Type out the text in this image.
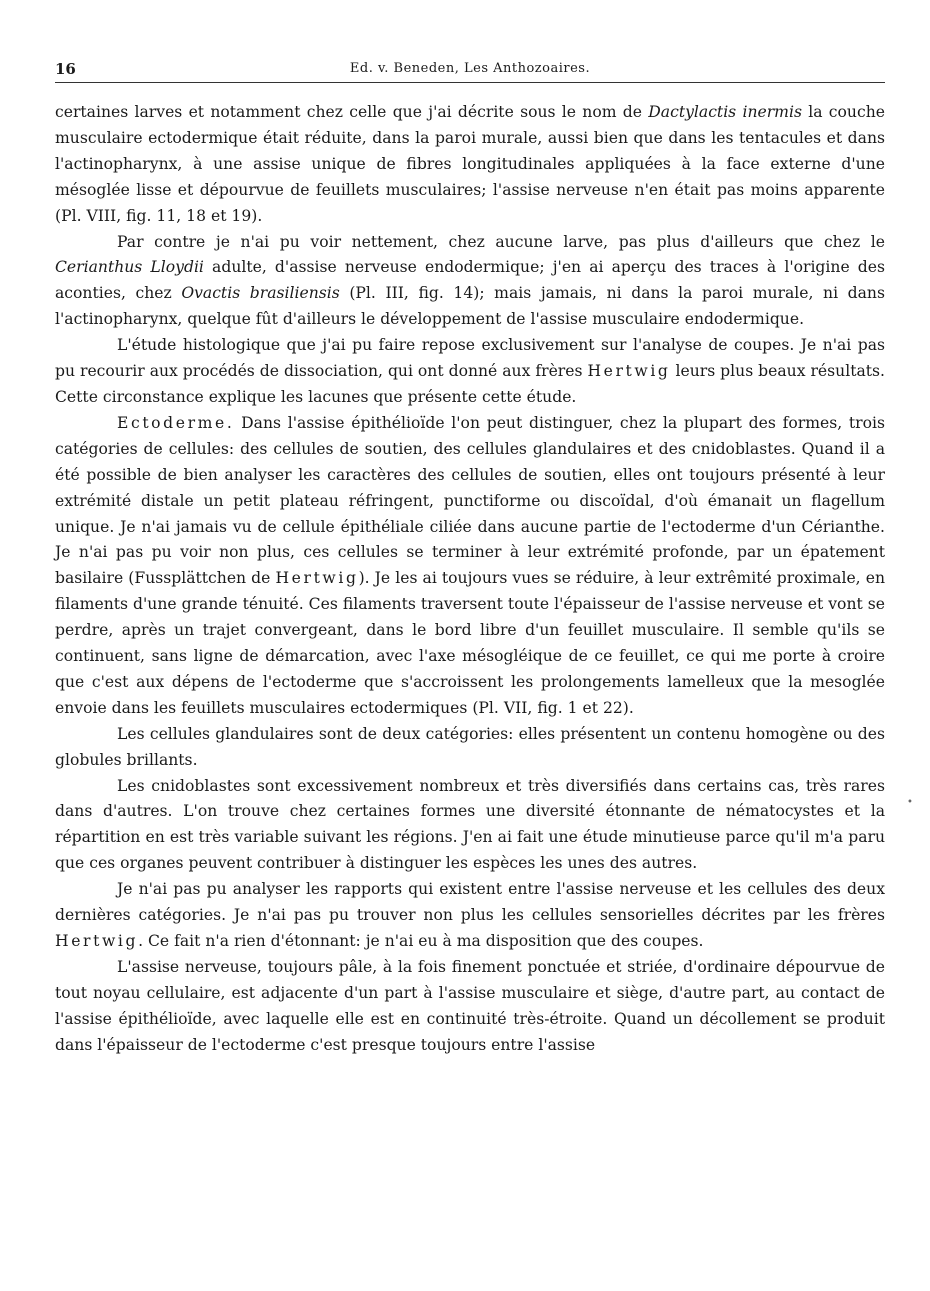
16	Ed. v. Beneden, Les Anthozoaires.

certaines larves et notamment chez celle que j'ai décrite sous le nom de Dactylactis inermis la couche musculaire ectodermique était réduite, dans la paroi murale, aussi bien que dans les tentacules et dans l'actinopharynx, à une assise unique de fibres longitudinales appliquées à la face externe d'une mésoglée lisse et dépourvue de feuillets musculaires; l'assise nerveuse n'en était pas moins apparente (Pl. VIII, fig. 11, 18 et 19).

Par contre je n'ai pu voir nettement, chez aucune larve, pas plus d'ailleurs que chez le Cerianthus Lloydii adulte, d'assise nerveuse endodermique; j'en ai aperçu des traces à l'origine des aconties, chez Ovactis brasiliensis (Pl. III, fig. 14); mais jamais, ni dans la paroi murale, ni dans l'actinopharynx, quelque fût d'ailleurs le développement de l'assise musculaire endodermique.

L'étude histologique que j'ai pu faire repose exclusivement sur l'analyse de coupes. Je n'ai pas pu recourir aux procédés de dissociation, qui ont donné aux frères Hertwig leurs plus beaux résultats. Cette circonstance explique les lacunes que présente cette étude.

Ectoderme. Dans l'assise épithélioïde l'on peut distinguer, chez la plupart des formes, trois catégories de cellules: des cellules de soutien, des cellules glandulaires et des cnidoblastes. Quand il a été possible de bien analyser les caractères des cellules de soutien, elles ont toujours présenté à leur extrémité distale un petit plateau réfringent, punctiforme ou discoïdal, d'où émanait un flagellum unique. Je n'ai jamais vu de cellule épithéliale ciliée dans aucune partie de l'ectoderme d'un Cérianthe. Je n'ai pas pu voir non plus, ces cellules se terminer à leur extrémité profonde, par un épatement basilaire (Fussplättchen de Hertwig). Je les ai toujours vues se réduire, à leur extrêmité proximale, en filaments d'une grande ténuité. Ces filaments traversent toute l'épaisseur de l'assise nerveuse et vont se perdre, après un trajet convergeant, dans le bord libre d'un feuillet musculaire. Il semble qu'ils se continuent, sans ligne de démarcation, avec l'axe mésogléique de ce feuillet, ce qui me porte à croire que c'est aux dépens de l'ectoderme que s'accroissent les prolongements lamelleux que la mesoglée envoie dans les feuillets musculaires ectodermiques (Pl. VII, fig. 1 et 22).

Les cellules glandulaires sont de deux catégories: elles présentent un contenu homogène ou des globules brillants.

Les cnidoblastes sont excessivement nombreux et très diversifiés dans certains cas, très rares dans d'autres. L'on trouve chez certaines formes une diversité étonnante de nématocystes et la répartition en est très variable suivant les régions. J'en ai fait une étude minutieuse parce qu'il m'a paru que ces organes peuvent contribuer à distinguer les espèces les unes des autres.

Je n'ai pas pu analyser les rapports qui existent entre l'assise nerveuse et les cellules des deux dernières catégories. Je n'ai pas pu trouver non plus les cellules sensorielles décrites par les frères Hertwig. Ce fait n'a rien d'étonnant: je n'ai eu à ma disposition que des coupes.

L'assise nerveuse, toujours pâle, à la fois finement ponctuée et striée, d'ordinaire dépourvue de tout noyau cellulaire, est adjacente d'un part à l'assise musculaire et siège, d'autre part, au contact de l'assise épithélioïde, avec laquelle elle est en continuité très-étroite. Quand un décollement se produit dans l'épaisseur de l'ectoderme c'est presque toujours entre l'assise

•
